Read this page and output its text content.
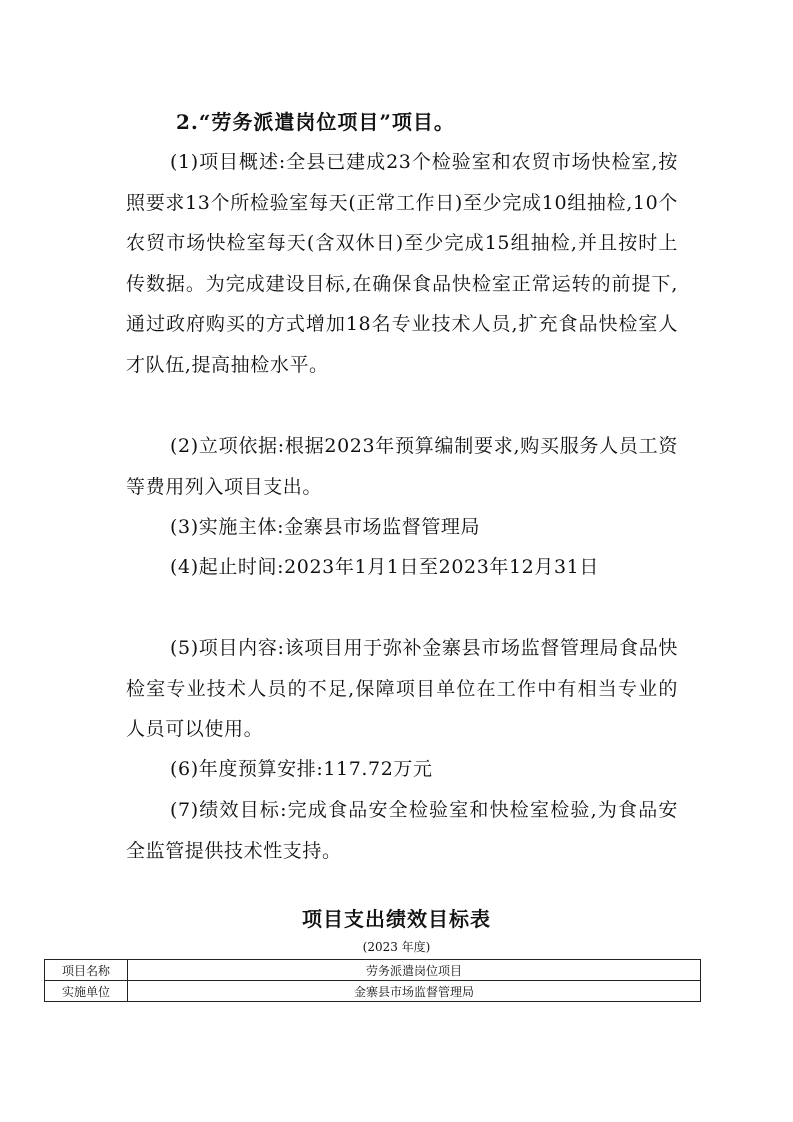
2.“劳务派遣岗位项目”项目。

(1)项目概述:全县已建成23个检验室和农贸市场快检室,按照要求13个所检验室每天(正常工作日)至少完成10组抽检,10个农贸市场快检室每天(含双休日)至少完成15组抽检,并且按时上传数据。为完成建设目标,在确保食品快检室正常运转的前提下,通过政府购买的方式增加18名专业技术人员,扩充食品快检室人才队伍,提高抽检水平。

(2)立项依据:根据2023年预算编制要求,购买服务人员工资等费用列入项目支出。

(3)实施主体:金寨县市场监督管理局

(4)起止时间:2023年1月1日至2023年12月31日

(5)项目内容:该项目用于弥补金寨县市场监督管理局食品快检室专业技术人员的不足,保障项目单位在工作中有相当专业的人员可以使用。

(6)年度预算安排:117.72万元

(7)绩效目标:完成食品安全检验室和快检室检验,为食品安全监管提供技术性支持。

项目支出绩效目标表
(2023 年度)
项目名称	劳务派遣岗位项目
实施单位	金寨县市场监督管理局
